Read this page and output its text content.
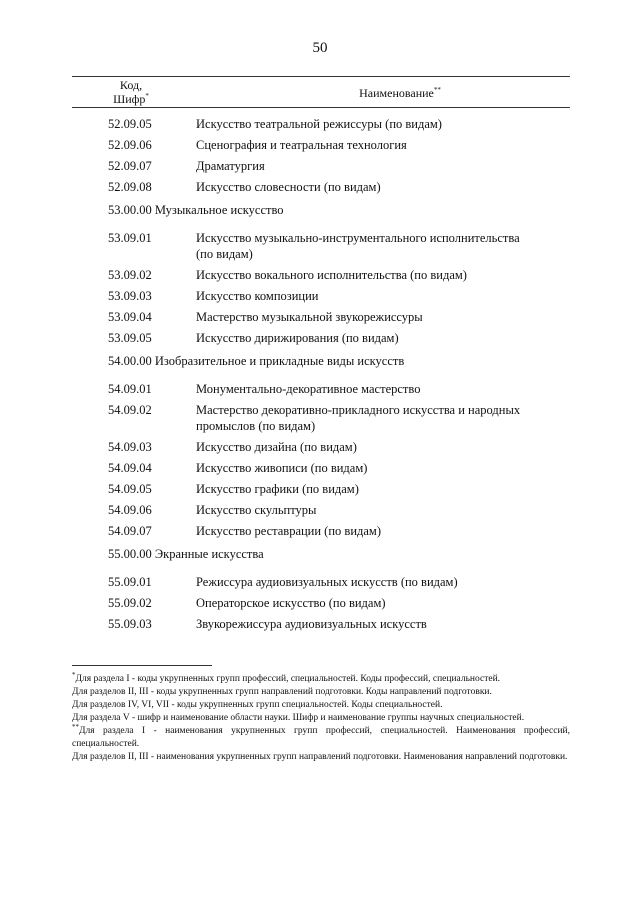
50
Код,
Шифр*	Наименование**
52.09.05	Искусство театральной режиссуры (по видам)
52.09.06	Сценография и театральная технология
52.09.07	Драматургия
52.09.08	Искусство словесности (по видам)
53.00.00 Музыкальное искусство
53.09.01	Искусство музыкально-инструментального исполнительства (по видам)
53.09.02	Искусство вокального исполнительства (по видам)
53.09.03	Искусство композиции
53.09.04	Мастерство музыкальной звукорежиссуры
53.09.05	Искусство дирижирования (по видам)
54.00.00 Изобразительное и прикладные виды искусств
54.09.01	Монументально-декоративное мастерство
54.09.02	Мастерство декоративно-прикладного искусства и народных промыслов (по видам)
54.09.03	Искусство дизайна (по видам)
54.09.04	Искусство живописи (по видам)
54.09.05	Искусство графики (по видам)
54.09.06	Искусство скульптуры
54.09.07	Искусство реставрации (по видам)
55.00.00 Экранные искусства
55.09.01	Режиссура аудиовизуальных искусств (по видам)
55.09.02	Операторское искусство (по видам)
55.09.03	Звукорежиссура аудиовизуальных искусств

*Для раздела I - коды укрупненных групп профессий, специальностей. Коды профессий, специальностей.

Для разделов II, III - коды укрупненных групп направлений подготовки. Коды направлений подготовки.

Для разделов IV, VI, VII - коды укрупненных групп специальностей. Коды специальностей.

Для раздела V - шифр и наименование области науки. Шифр и наименование группы научных специальностей.

**Для раздела I - наименования укрупненных групп профессий, специальностей. Наименования профессий, специальностей.

Для разделов II, III - наименования укрупненных групп направлений подготовки. Наименования направлений подготовки.
